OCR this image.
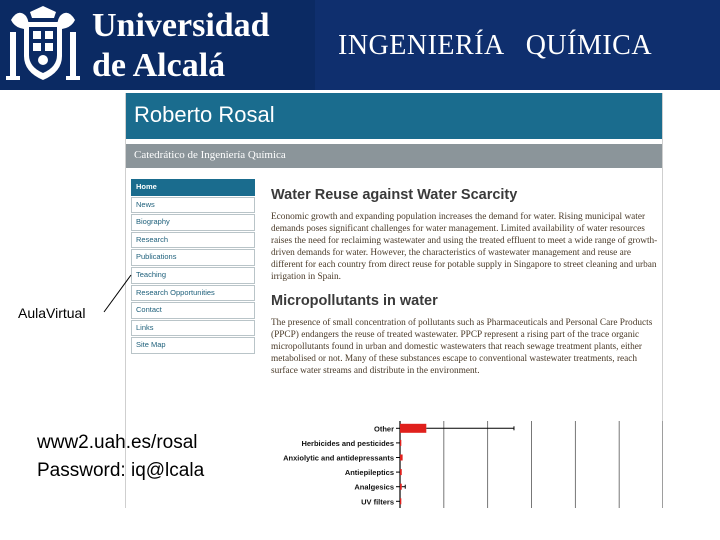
Universidad
de Alcalá
INGENIERÍA   QUÍMICA
Roberto Rosal
Catedrático de Ingeniería Química
Home
News
Biography
Research
Publications
Teaching
Research Opportunities
Contact
Links
Site Map
Water Reuse against Water Scarcity
Economic growth and expanding population increases the demand for water. Rising municipal water demands poses significant challenges for water management. Limited availability of water resources raises the need for reclaiming wastewater and using the treated effluent to meet a wide range of growth-driven demands for water. However, the characteristics of wastewater management and reuse are different for each country from direct reuse for potable supply in Singapore to street cleaning and urban irrigation in Spain.
Micropollutants in water
The presence of small concentration of pollutants such as Pharmaceuticals and Personal Care Products (PPCP) endangers the reuse of treated wastewater. PPCP represent a rising part of the trace organic micropollutants found in urban and domestic wastewaters that reach sewage treatment plants, either metabolised or not. Many of these substances escape to conventional wastewater treatments, reach surface water streams and distribute in the environment.
Other
Herbicides and pesticides
Anxiolytic and antidepressants
Antiepileptics
Analgesics
UV filters
AulaVirtual
www2.uah.es/rosal
Password: iq@lcala
